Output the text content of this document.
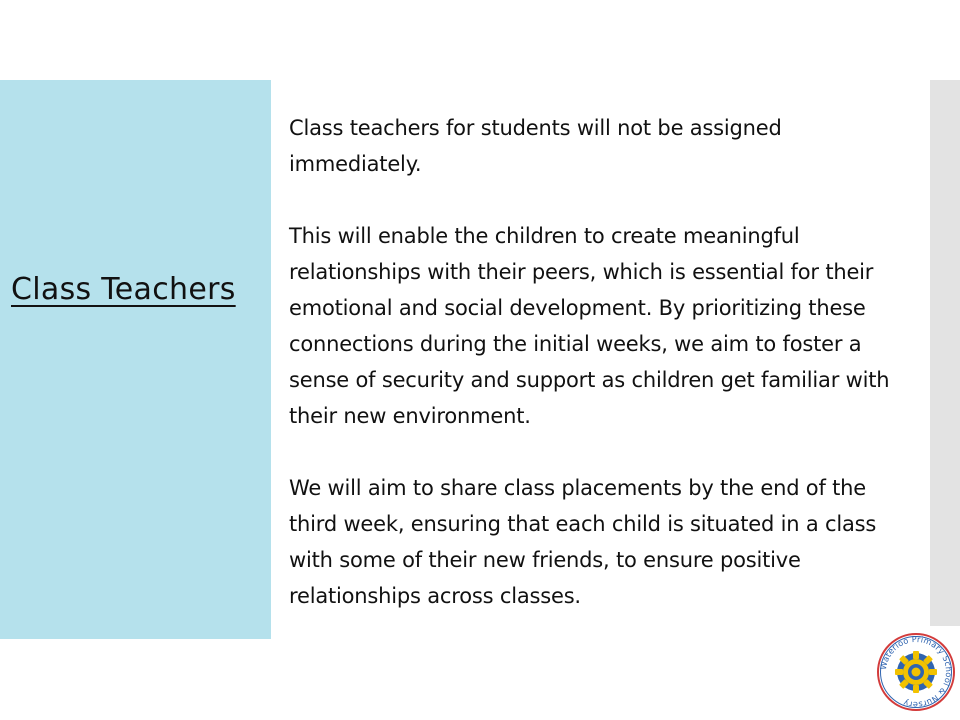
Class Teachers

Class teachers for students will not be assigned immediately.

This will enable the children to create meaningful relationships with their peers, which is essential for their emotional and social development. By prioritizing these connections during the initial weeks, we aim to foster a sense of security and support as children get familiar with their new environment.

We will aim to share class placements by the end of the third week, ensuring that each child is situated in a class with some of their new friends, to ensure positive relationships across classes.

Waterloo Primary School & Nursery
